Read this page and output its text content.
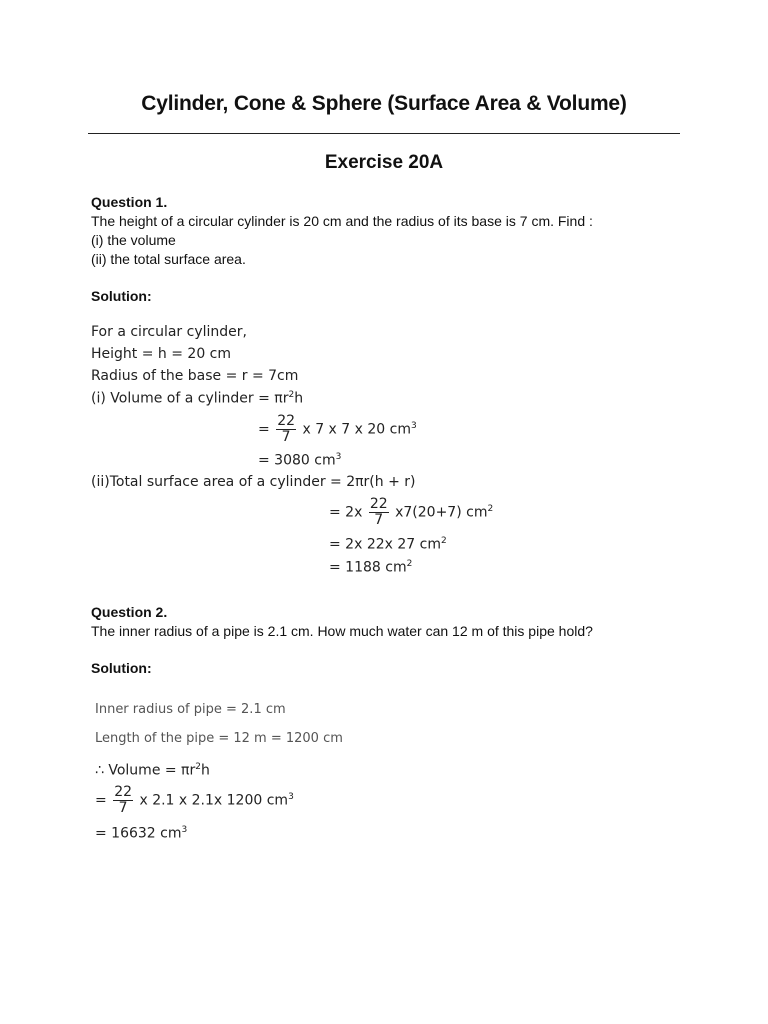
Cylinder, Cone & Sphere (Surface Area & Volume)
Exercise 20A
Question 1.
The height of a circular cylinder is 20 cm and the radius of its base is 7 cm. Find :
(i) the volume
(ii) the total surface area.
Solution:
For a circular cylinder,
Height = h = 20 cm
Radius of the base = r = 7cm
(i) Volume of a cylinder = $\pi r^2h$
= $\frac{22}{7}$ x 7 x 7 x 20 $cm^3$
= 3080 $cm^3$
(ii)Total surface area of a cylinder = 2πr(h + r)
= $2x \frac{22}{7} x7(20+7)$ $cm^2$
= 2x 22x 27 $cm^2$
= 1188 $cm^2$
Question 2.
The inner radius of a pipe is 2.1 cm. How much water can 12 m of this pipe hold?
Solution:
Inner radius of pipe = 2.1 cm
Length of the pipe = 12 m = 1200 cm
∴ Volume = $\pi r^2h$
= $\frac{22}{7}$ x 2.1 x 2.1x 1200 $cm^3$
= 16632 $cm^3$
